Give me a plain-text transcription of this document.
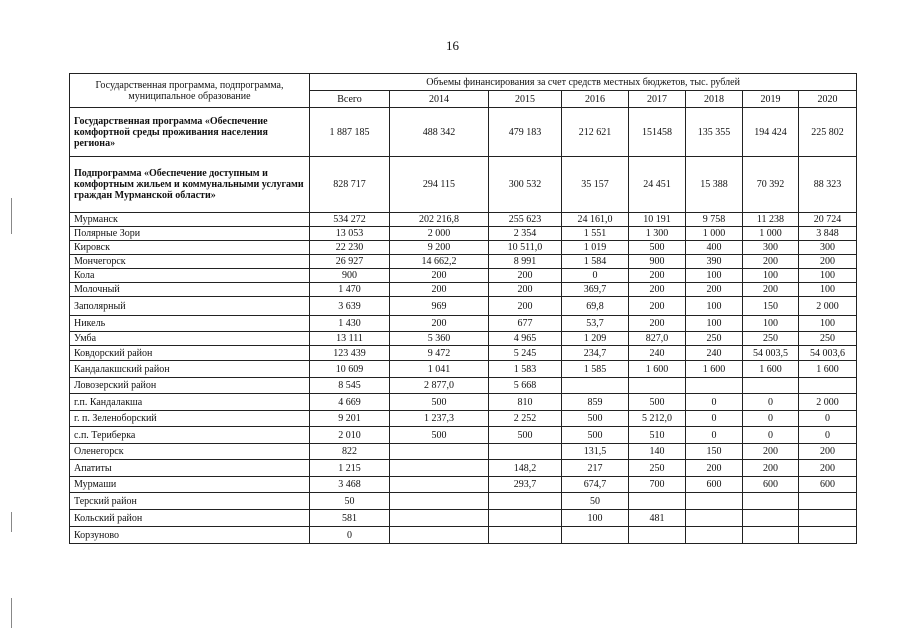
16
Государственная программа, подпрограмма, муниципальное образование	Объемы финансирования за счет средств местных бюджетов, тыс. рублей							
	Всего	2014	2015	2016	2017	2018	2019	2020
Государственная программа «Обеспечение комфортной среды проживания населения региона»	1 887 185	488 342	479 183	212 621	151458	135 355	194 424	225 802
Подпрограмма «Обеспечение доступным и комфортным жильем и коммунальными услугами граждан Мурманской области»	828 717	294 115	300 532	35 157	24 451	15 388	70 392	88 323
Мурманск	534 272	202 216,8	255 623	24 161,0	10 191	9 758	11 238	20 724
Полярные Зори	13 053	2 000	2 354	1 551	1 300	1 000	1 000	3 848
Кировск	22 230	9 200	10 511,0	1 019	500	400	300	300
Мончегорск	26 927	14 662,2	8 991	1 584	900	390	200	200
Кола	900	200	200	0	200	100	100	100
Молочный	1 470	200	200	369,7	200	200	200	100
Заполярный	3 639	969	200	69,8	200	100	150	2 000
Никель	1 430	200	677	53,7	200	100	100	100
Умба	13 111	5 360	4 965	1 209	827,0	250	250	250
Ковдорский район	123 439	9 472	5 245	234,7	240	240	54 003,5	54 003,6
Кандалакшский район	10 609	1 041	1 583	1 585	1 600	1 600	1 600	1 600
Ловозерский район	8 545	2 877,0	5 668					
г.п. Кандалакша	4 669	500	810	859	500	0	0	2 000
г. п. Зеленоборский	9 201	1 237,3	2 252	500	5 212,0	0	0	0
с.п. Териберка	2 010	500	500	500	510	0	0	0
Оленегорск	822			131,5	140	150	200	200
Апатиты	1 215		148,2	217	250	200	200	200
Мурмаши	3 468		293,7	674,7	700	600	600	600
Терский район	50			50				
Кольский район	581			100	481			
Корзуново	0							
